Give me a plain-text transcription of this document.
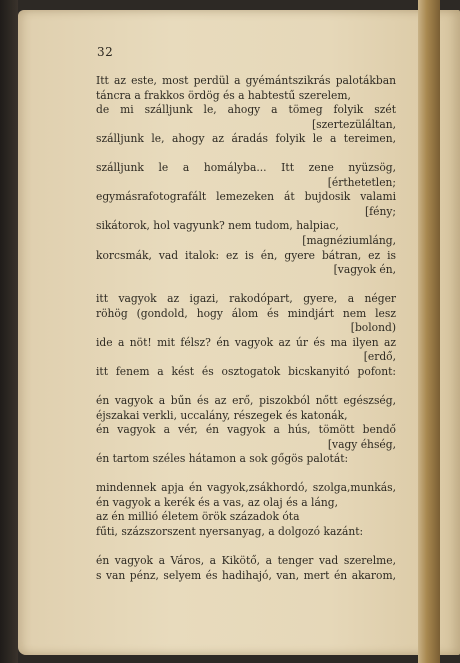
32
Itt az este, most perdül a gyémántszikrás palotákban
táncra a frakkos ördög és a habtestű szerelem,
de mi szálljunk le, ahogy a tömeg folyik szét
[szertezüláltan,
szálljunk le, ahogy az áradás folyik le a tereimen,
szálljunk le a homályba... Itt zene nyüzsög,
[érthetetlen;
egymásrafotografált lemezeken át bujdosik valami
[fény;
sikátorok, hol vagyunk? nem tudom, halpiac,
[magnéziumláng,
korcsmák, vad italok: ez is én, gyere bátran, ez is
[vagyok én,
itt vagyok az igazi, rakodópart, gyere, a néger
röhög (gondold, hogy álom és mindjárt nem lesz
[bolond)
ide a nöt! mit félsz? én vagyok az úr és ma ilyen az
[erdő,
itt fenem a kést és osztogatok bicskanyitó pofont:
én vagyok a bűn és az erő, piszokból nőtt egészség,
éjszakai verkli, uccalány, részegek és katonák,
én vagyok a vér, én vagyok a hús, tömött bendő
[vagy éhség,
én tartom széles hátamon a sok gőgös palotát:
mindennek apja én vagyok,zsákhordó, szolga,munkás,
én vagyok a kerék és a vas, az olaj és a láng,
az én millió életem örök századok óta
fűti, százszorszent nyersanyag, a dolgozó kazánt:
én vagyok a Város, a Kikötő, a tenger vad szerelme,
s van pénz, selyem és hadihajó, van, mert én akarom,
